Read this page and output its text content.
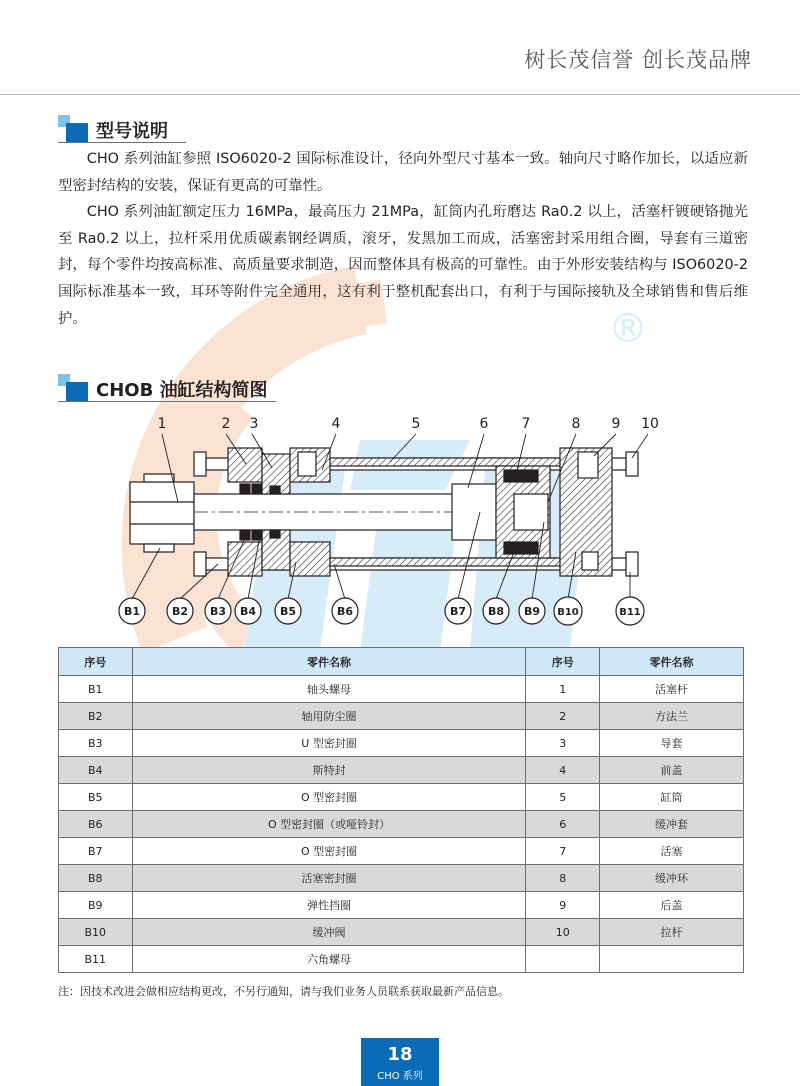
®
树长茂信誉 创长茂品牌
型号说明

CHO 系列油缸参照 ISO6020-2 国际标准设计，径向外型尺寸基本一致。轴向尺寸略作加长，以适应新型密封结构的安装，保证有更高的可靠性。

CHO 系列油缸额定压力 16MPa，最高压力 21MPa，缸筒内孔珩磨达 Ra0.2 以上，活塞杆镀硬铬抛光至 Ra0.2 以上，拉杆采用优质碳素钢经调质，滚牙，发黑加工而成，活塞密封采用组合圈，导套有三道密封，每个零件均按高标准、高质量要求制造，因而整体具有极高的可靠性。由于外形安装结构与 ISO6020-2 国际标准基本一致，耳环等附件完全通用，这有利于整机配套出口，有利于与国际接轨及全球销售和售后维护。

CHOB 油缸结构简图
1	2 3	4	5	6 7	8 9 10
B1	B2 B3 B4 B5	B6	B7 B8 B9 B10	B11
序号	零件名称	序号	零件名称
B1	轴头螺母	1	活塞杆
B2	轴用防尘圈	2	方法兰
B3	U 型密封圈	3	导套
B4	斯特封	4	前盖
B5	O 型密封圈	5	缸筒
B6	O 型密封圈（或哑铃封）	6	缓冲套
B7	O 型密封圈	7	活塞
B8	活塞密封圈	8	缓冲环
B9	弹性挡圈	9	后盖
B10	缓冲阀	10	拉杆
B11	六角螺母		
注：因技术改进会做相应结构更改，不另行通知，请与我们业务人员联系获取最新产品信息。
18
CHO 系列
